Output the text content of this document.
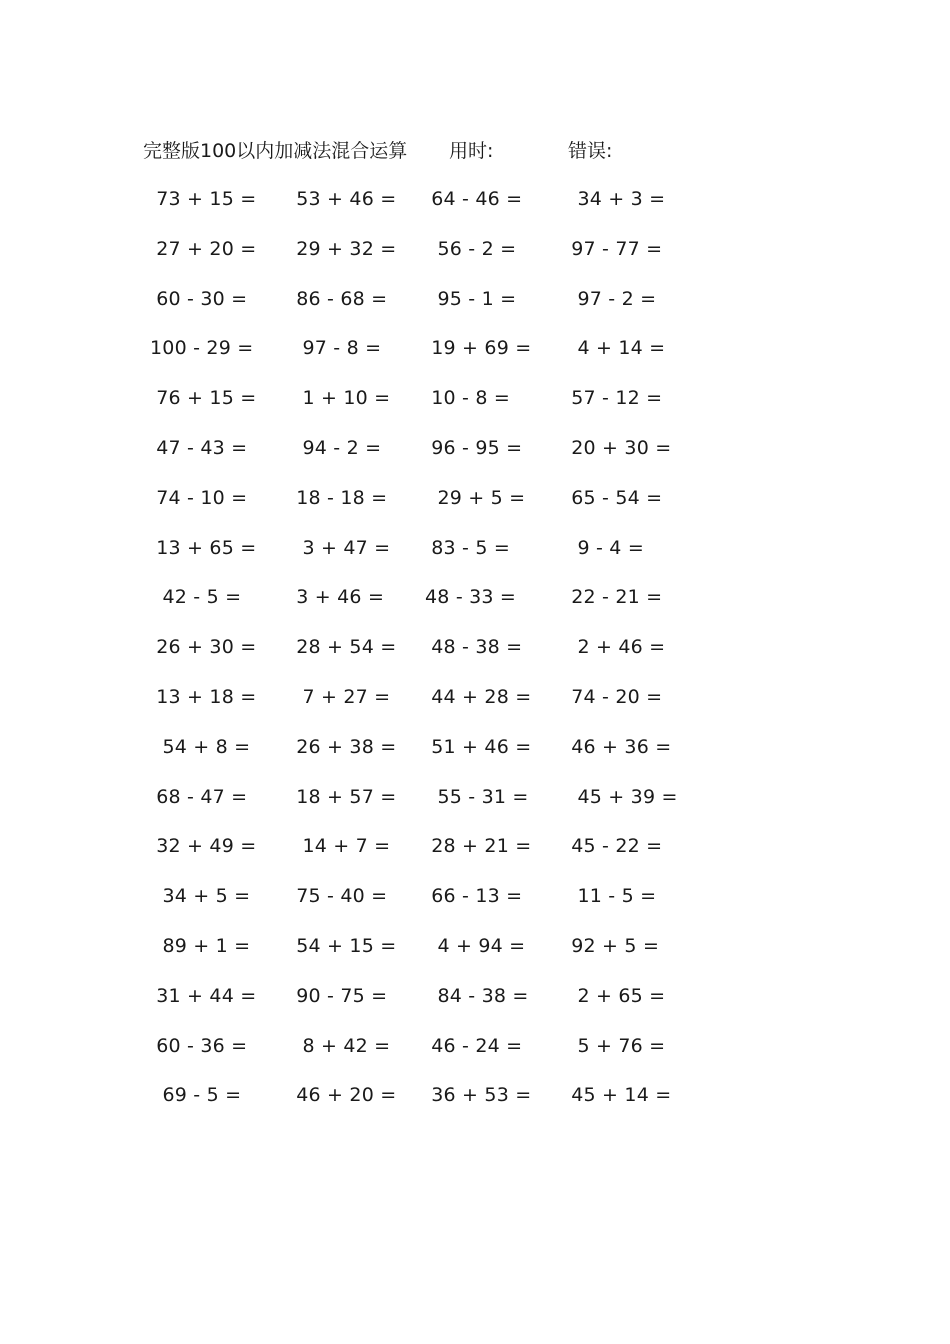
完整版100以内加减法混合运算 用时:	错误:
73 + 15 = 53 + 46 = 64 - 46 = 34 + 3 =
27 + 20 = 29 + 32 = 56 - 2 =	97 - 77 =
60 - 30 = 86 - 68 = 95 - 1 =	97 - 2 =
100 - 29 = 97 - 8 = 19 + 69 = 4 + 14 =
76 + 15 = 1 + 10 = 10 - 8 =	57 - 12 =
47 - 43 = 94 - 2 = 96 - 95 = 20 + 30 =
74 - 10 = 18 - 18 = 29 + 5 = 65 - 54 =
13 + 65 = 3 + 47 = 83 - 5 =	9 - 4 =
42 - 5 =	3 + 46 = 48 - 33 =	22 - 21 =
26 + 30 = 28 + 54 = 48 - 38 = 2 + 46 =
13 + 18 = 7 + 27 = 44 + 28 = 74 - 20 =
54 + 8 = 26 + 38 = 51 + 46 = 46 + 36 =
68 - 47 = 18 + 57 = 55 - 31 = 45 + 39 =
32 + 49 = 14 + 7 = 28 + 21 = 45 - 22 =
34 + 5 = 75 - 40 = 66 - 13 = 11 - 5 =
89 + 1 = 54 + 15 = 4 + 94 = 92 + 5 =
31 + 44 = 90 - 75 = 84 - 38 = 2 + 65 =
60 - 36 = 8 + 42 = 46 - 24 = 5 + 76 =
69 - 5 =	46 + 20 = 36 + 53 = 45 + 14 =
